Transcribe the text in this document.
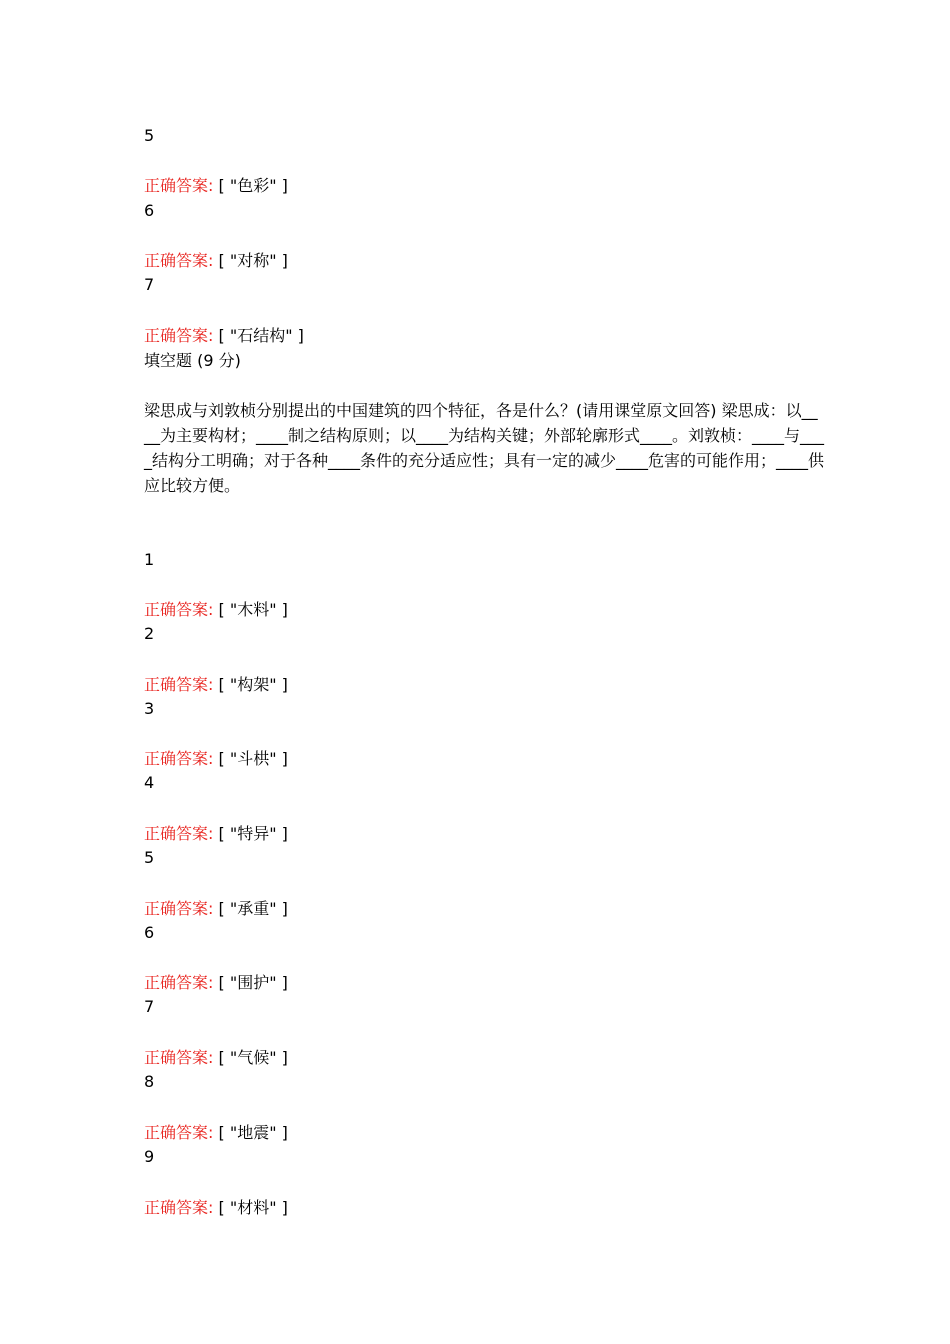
5
正确答案: [ "色彩" ]
6
正确答案: [ "对称" ]
7
正确答案: [ "石结构" ]
填空题 (9 分)
梁思成与刘敦桢分别提出的中国建筑的四个特征，各是什么？(请用课堂原文回答) 梁思成：以____为主要构材；____制之结构原则；以____为结构关键；外部轮廓形式____。刘敦桢：____与____结构分工明确；对于各种____条件的充分适应性；具有一定的减少____危害的可能作用；____供应比较方便。
1
正确答案: [ "木料" ]
2
正确答案: [ "构架" ]
3
正确答案: [ "斗栱" ]
4
正确答案: [ "特异" ]
5
正确答案: [ "承重" ]
6
正确答案: [ "围护" ]
7
正确答案: [ "气候" ]
8
正确答案: [ "地震" ]
9
正确答案: [ "材料" ]
